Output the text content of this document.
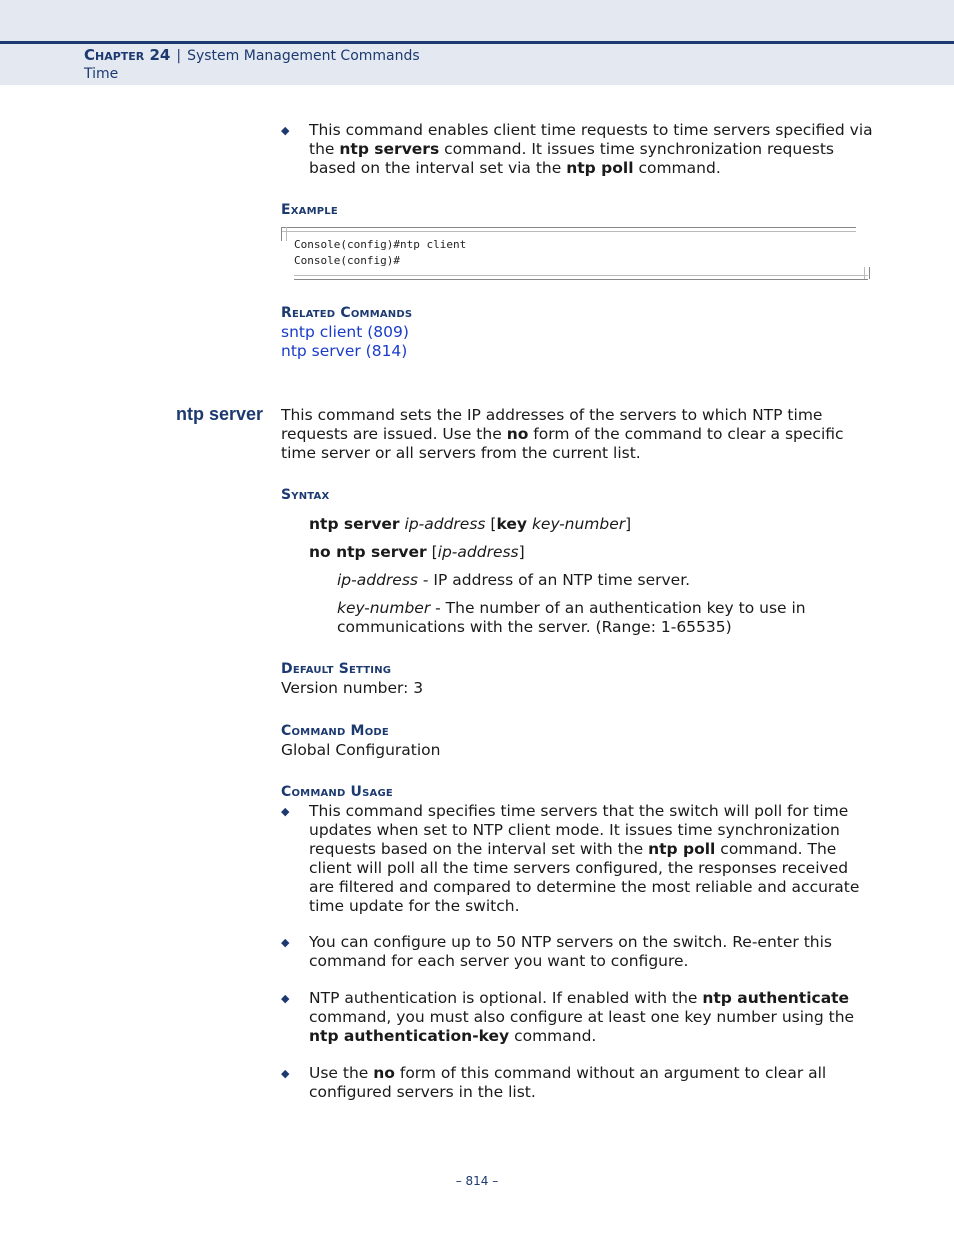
Chapter 24 | System Management Commands
Time
◆ This command enables client time requests to time servers specified via
the ntp servers command. It issues time synchronization requests
based on the interval set via the ntp poll command.
Example
Console(config)#ntp client
Console(config)#
Related Commands
sntp client (809)
ntp server (814)
ntp server This command sets the IP addresses of the servers to which NTP time
requests are issued. Use the no form of the command to clear a specific
time server or all servers from the current list.
Syntax
ntp server ip-address [key key-number]
no ntp server [ip-address]
ip-address - IP address of an NTP time server.
key-number - The number of an authentication key to use in
communications with the server. (Range: 1-65535)
Default Setting
Version number: 3
Command Mode
Global Configuration
Command Usage
◆ This command specifies time servers that the switch will poll for time
updates when set to NTP client mode. It issues time synchronization
requests based on the interval set with the ntp poll command. The
client will poll all the time servers configured, the responses received
are filtered and compared to determine the most reliable and accurate
time update for the switch.
◆ You can configure up to 50 NTP servers on the switch. Re-enter this
command for each server you want to configure.
◆ NTP authentication is optional. If enabled with the ntp authenticate
command, you must also configure at least one key number using the
ntp authentication-key command.
◆ Use the no form of this command without an argument to clear all
configured servers in the list.
– 814 –
